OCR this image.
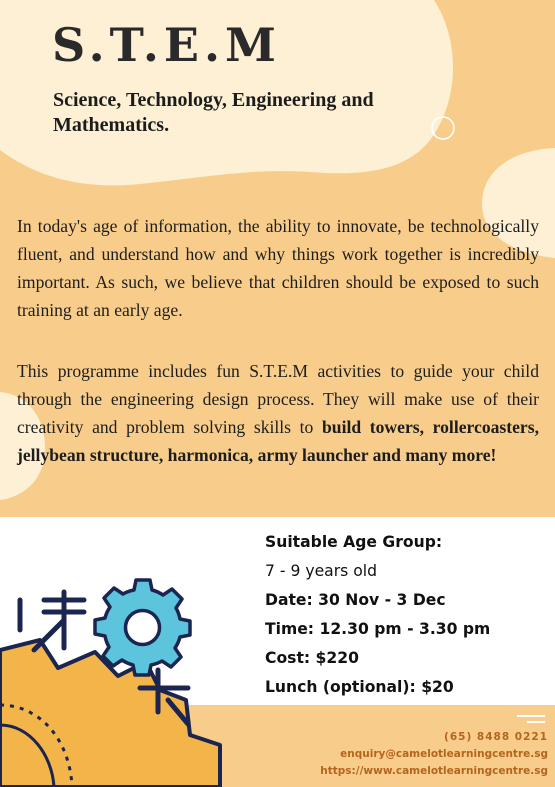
S.T.E.M
Science, Technology, Engineering and Mathematics.

In today's age of information, the ability to innovate, be technologically fluent, and understand how and why things work together is incredibly important. As such, we believe that children should be exposed to such training at an early age.

This programme includes fun S.T.E.M activities to guide your child through the engineering design process. They will make use of their creativity and problem solving skills to build towers, rollercoasters, jellybean structure, harmonica, army launcher and many more!

Suitable Age Group:
7 - 9 years old
Date: 30 Nov - 3 Dec
Time: 12.30 pm - 3.30 pm
Cost: $220
Lunch (optional): $20
(65) 8488 0221
enquiry@camelotlearningcentre.sg
https://www.camelotlearningcentre.sg
